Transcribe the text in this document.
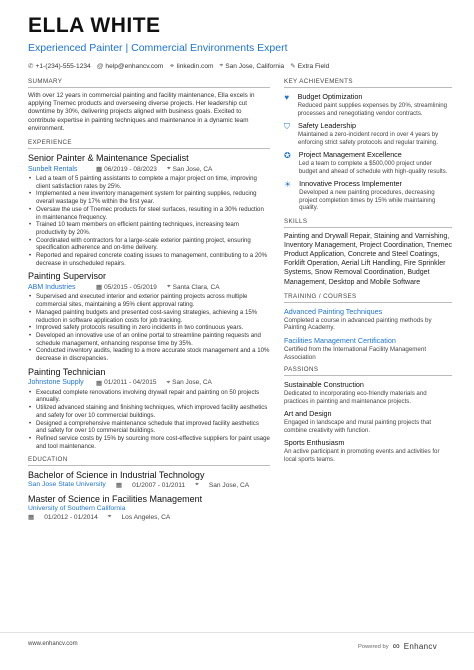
ELLA WHITE
Experienced Painter | Commercial Environments Expert
✆ +1-(234)-555-1234 @ help@enhancv.com ⚭ linkedin.com ⌖ San Jose, California ✎ Extra Field
SUMMARY

With over 12 years in commercial painting and facility maintenance, Ella excels in applying Tnemec products and overseeing diverse projects. Her leadership cut downtime by 30%, delivering projects aligned with business goals. Excited to contribute expertise in painting techniques and maintenance in a dynamic team environment.

EXPERIENCE
Senior Painter & Maintenance Specialist
Sunbelt Rentals	▦ 06/2019 - 08/2023 ⌖ San Jose, CA
• Led a team of 5 painting assistants to complete a major project on time, improving client satisfaction rates by 25%.
• Implemented a new inventory management system for painting supplies, reducing overall wastage by 17% within the first year.
• Oversaw the use of Tnemec products for steel surfaces, resulting in a 30% reduction in maintenance frequency.
• Trained 10 team members on efficient painting techniques, increasing team productivity by 20%.
• Coordinated with contractors for a large-scale exterior painting project, ensuring specification adherence and on-time delivery.
• Reported and repaired concrete coating issues to management, contributing to a 20% decrease in unscheduled repairs.
Painting Supervisor
ABM Industries	▦ 05/2015 - 05/2019 ⌖ Santa Clara, CA
• Supervised and executed interior and exterior painting projects across multiple commercial sites, maintaining a 95% client approval rating.
• Managed painting budgets and presented cost-saving strategies, achieving a 15% reduction in software application costs for job tracking.
• Improved safety protocols resulting in zero incidents in two continuous years.
• Developed an innovative use of an online portal to streamline painting requests and schedule management, enhancing response time by 35%.
• Conducted inventory audits, leading to a more accurate stock management and a 10% decrease in discrepancies.
Painting Technician
Johnstone Supply	▦ 01/2011 - 04/2015 ⌖ San Jose, CA
• Executed complete renovations involving drywall repair and painting on 50 projects annually.
• Utilized advanced staining and finishing techniques, which improved facility aesthetics and safety for over 10 commercial buildings.
• Designed a comprehensive maintenance schedule that improved facility aesthetics and safety for over 10 commercial buildings.
• Refined service costs by 15% by sourcing more cost-effective suppliers for paint usage and tool maintenance.
EDUCATION
Bachelor of Science in Industrial Technology
San Jose State University ▦ 01/2007 - 01/2011 ⌖ San Jose, CA
Master of Science in Facilities Management
University of Southern California
▦ 01/2012 - 01/2014 ⌖ Los Angeles, CA
KEY ACHIEVEMENTS
♥ Budget Optimization
Reduced paint supplies expenses by 20%, streamlining processes and renegotiating vendor contracts.
⛉ Safety Leadership
Maintained a zero-incident record in over 4 years by enforcing strict safety protocols and regular training.
✪ Project Management Excellence
Led a team to complete a $500,000 project under budget and ahead of schedule with high-quality results.
☀ Innovative Process Implementer
Developed a new painting procedures, decreasing project completion times by 15% while maintaining quality.
SKILLS

Painting and Drywall Repair, Staining and Varnishing, Inventory Management, Project Coordination, Tnemec Product Application, Concrete and Steel Coatings, Forklift Operation, Aerial Lift Handling, Fire Sprinkler Systems, Snow Removal Coordination, Budget Management, Desktop and Mobile Software

TRAINING / COURSES
Advanced Painting Techniques
Completed a course in advanced painting methods by Painting Academy.
Facilities Management Certification
Certified from the International Facility Management Association
PASSIONS
Sustainable Construction
Dedicated to incorporating eco-friendly materials and practices in painting and maintenance projects.
Art and Design
Engaged in landscape and mural painting projects that combine creativity with function.
Sports Enthusiasm
An active participant in promoting events and activities for local sports teams.
www.enhancv.com	Powered by ∞ Enhancv
